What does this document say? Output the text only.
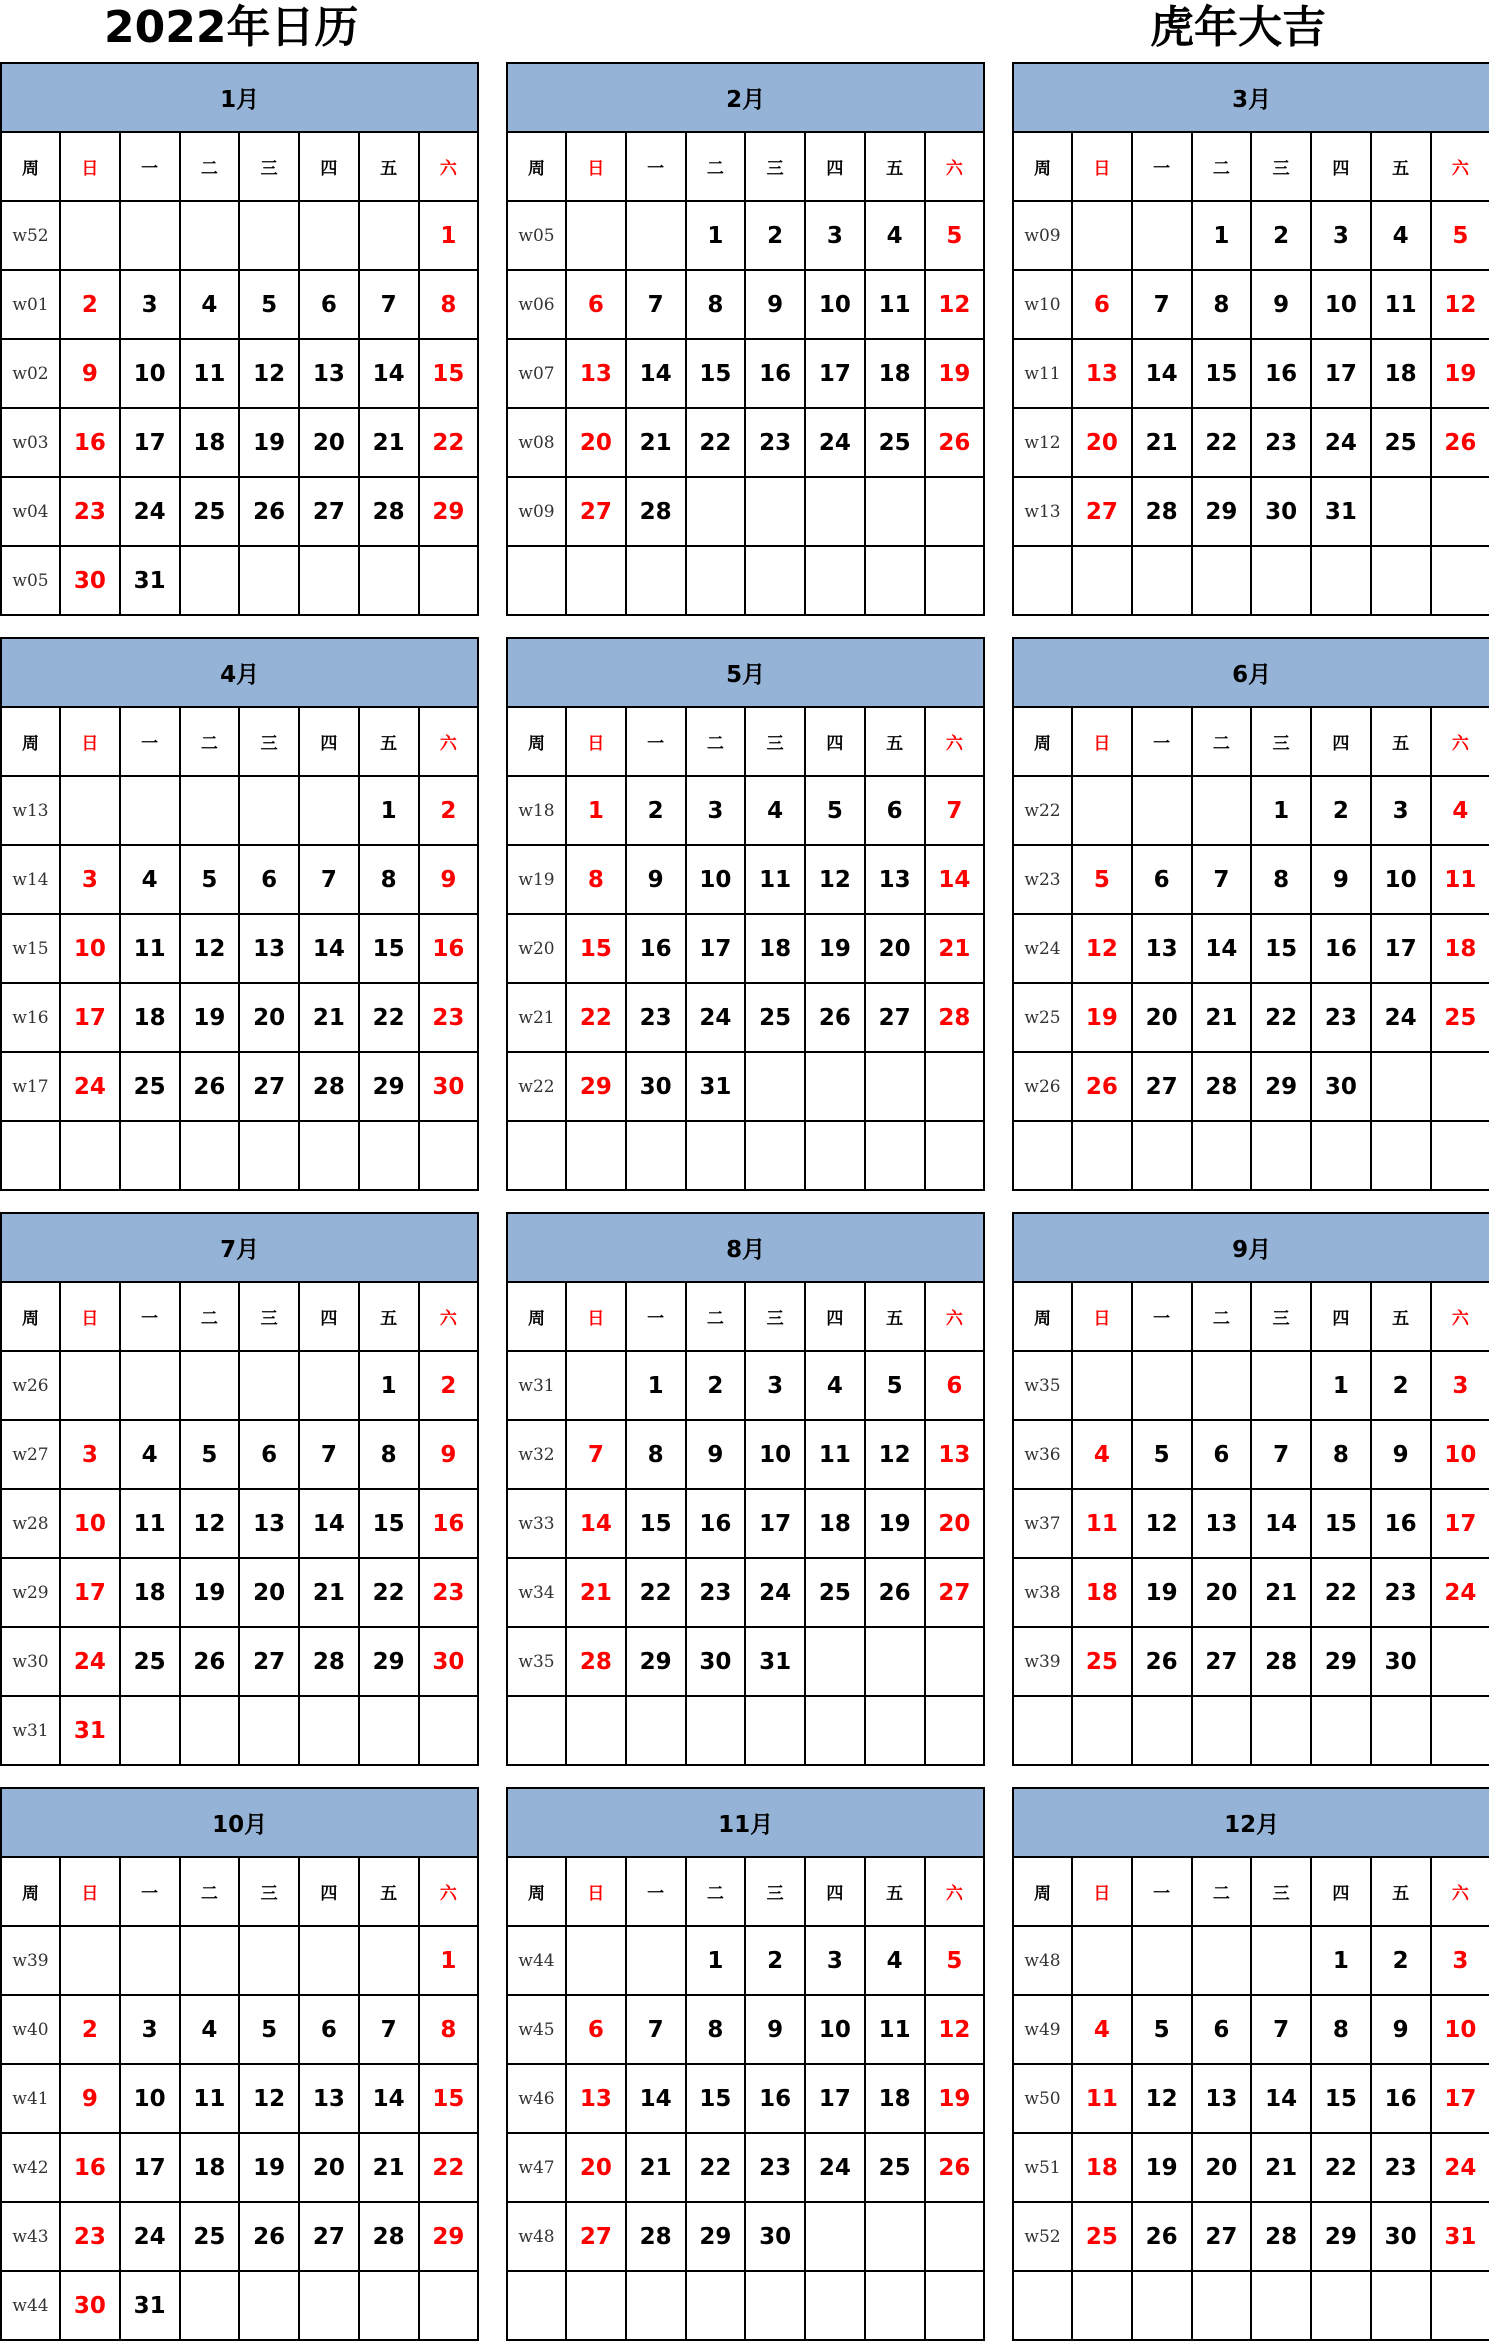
2022年日历	虎年大吉
1月							
周	日	一	二	三	四	五	六
w52							1
w01	2	3	4	5	6	7	8
w02	9	10	11	12	13	14	15
w03	16	17	18	19	20	21	22
w04	23	24	25	26	27	28	29
w05	30	31					
2月							
周	日	一	二	三	四	五	六
w05			1	2	3	4	5
w06	6	7	8	9	10	11	12
w07	13	14	15	16	17	18	19
w08	20	21	22	23	24	25	26
w09	27	28					

3月							
周	日	一	二	三	四	五	六
w09			1	2	3	4	5
w10	6	7	8	9	10	11	12
w11	13	14	15	16	17	18	19
w12	20	21	22	23	24	25	26
w13	27	28	29	30	31		

4月							
周	日	一	二	三	四	五	六
w13						1	2
w14	3	4	5	6	7	8	9
w15	10	11	12	13	14	15	16
w16	17	18	19	20	21	22	23
w17	24	25	26	27	28	29	30

5月							
周	日	一	二	三	四	五	六
w18	1	2	3	4	5	6	7
w19	8	9	10	11	12	13	14
w20	15	16	17	18	19	20	21
w21	22	23	24	25	26	27	28
w22	29	30	31				

6月							
周	日	一	二	三	四	五	六
w22				1	2	3	4
w23	5	6	7	8	9	10	11
w24	12	13	14	15	16	17	18
w25	19	20	21	22	23	24	25
w26	26	27	28	29	30		

7月							
周	日	一	二	三	四	五	六
w26						1	2
w27	3	4	5	6	7	8	9
w28	10	11	12	13	14	15	16
w29	17	18	19	20	21	22	23
w30	24	25	26	27	28	29	30
w31	31						
8月							
周	日	一	二	三	四	五	六
w31		1	2	3	4	5	6
w32	7	8	9	10	11	12	13
w33	14	15	16	17	18	19	20
w34	21	22	23	24	25	26	27
w35	28	29	30	31			

9月							
周	日	一	二	三	四	五	六
w35					1	2	3
w36	4	5	6	7	8	9	10
w37	11	12	13	14	15	16	17
w38	18	19	20	21	22	23	24
w39	25	26	27	28	29	30	

10月							
周	日	一	二	三	四	五	六
w39							1
w40	2	3	4	5	6	7	8
w41	9	10	11	12	13	14	15
w42	16	17	18	19	20	21	22
w43	23	24	25	26	27	28	29
w44	30	31					
11月							
周	日	一	二	三	四	五	六
w44			1	2	3	4	5
w45	6	7	8	9	10	11	12
w46	13	14	15	16	17	18	19
w47	20	21	22	23	24	25	26
w48	27	28	29	30			

12月							
周	日	一	二	三	四	五	六
w48					1	2	3
w49	4	5	6	7	8	9	10
w50	11	12	13	14	15	16	17
w51	18	19	20	21	22	23	24
w52	25	26	27	28	29	30	31
